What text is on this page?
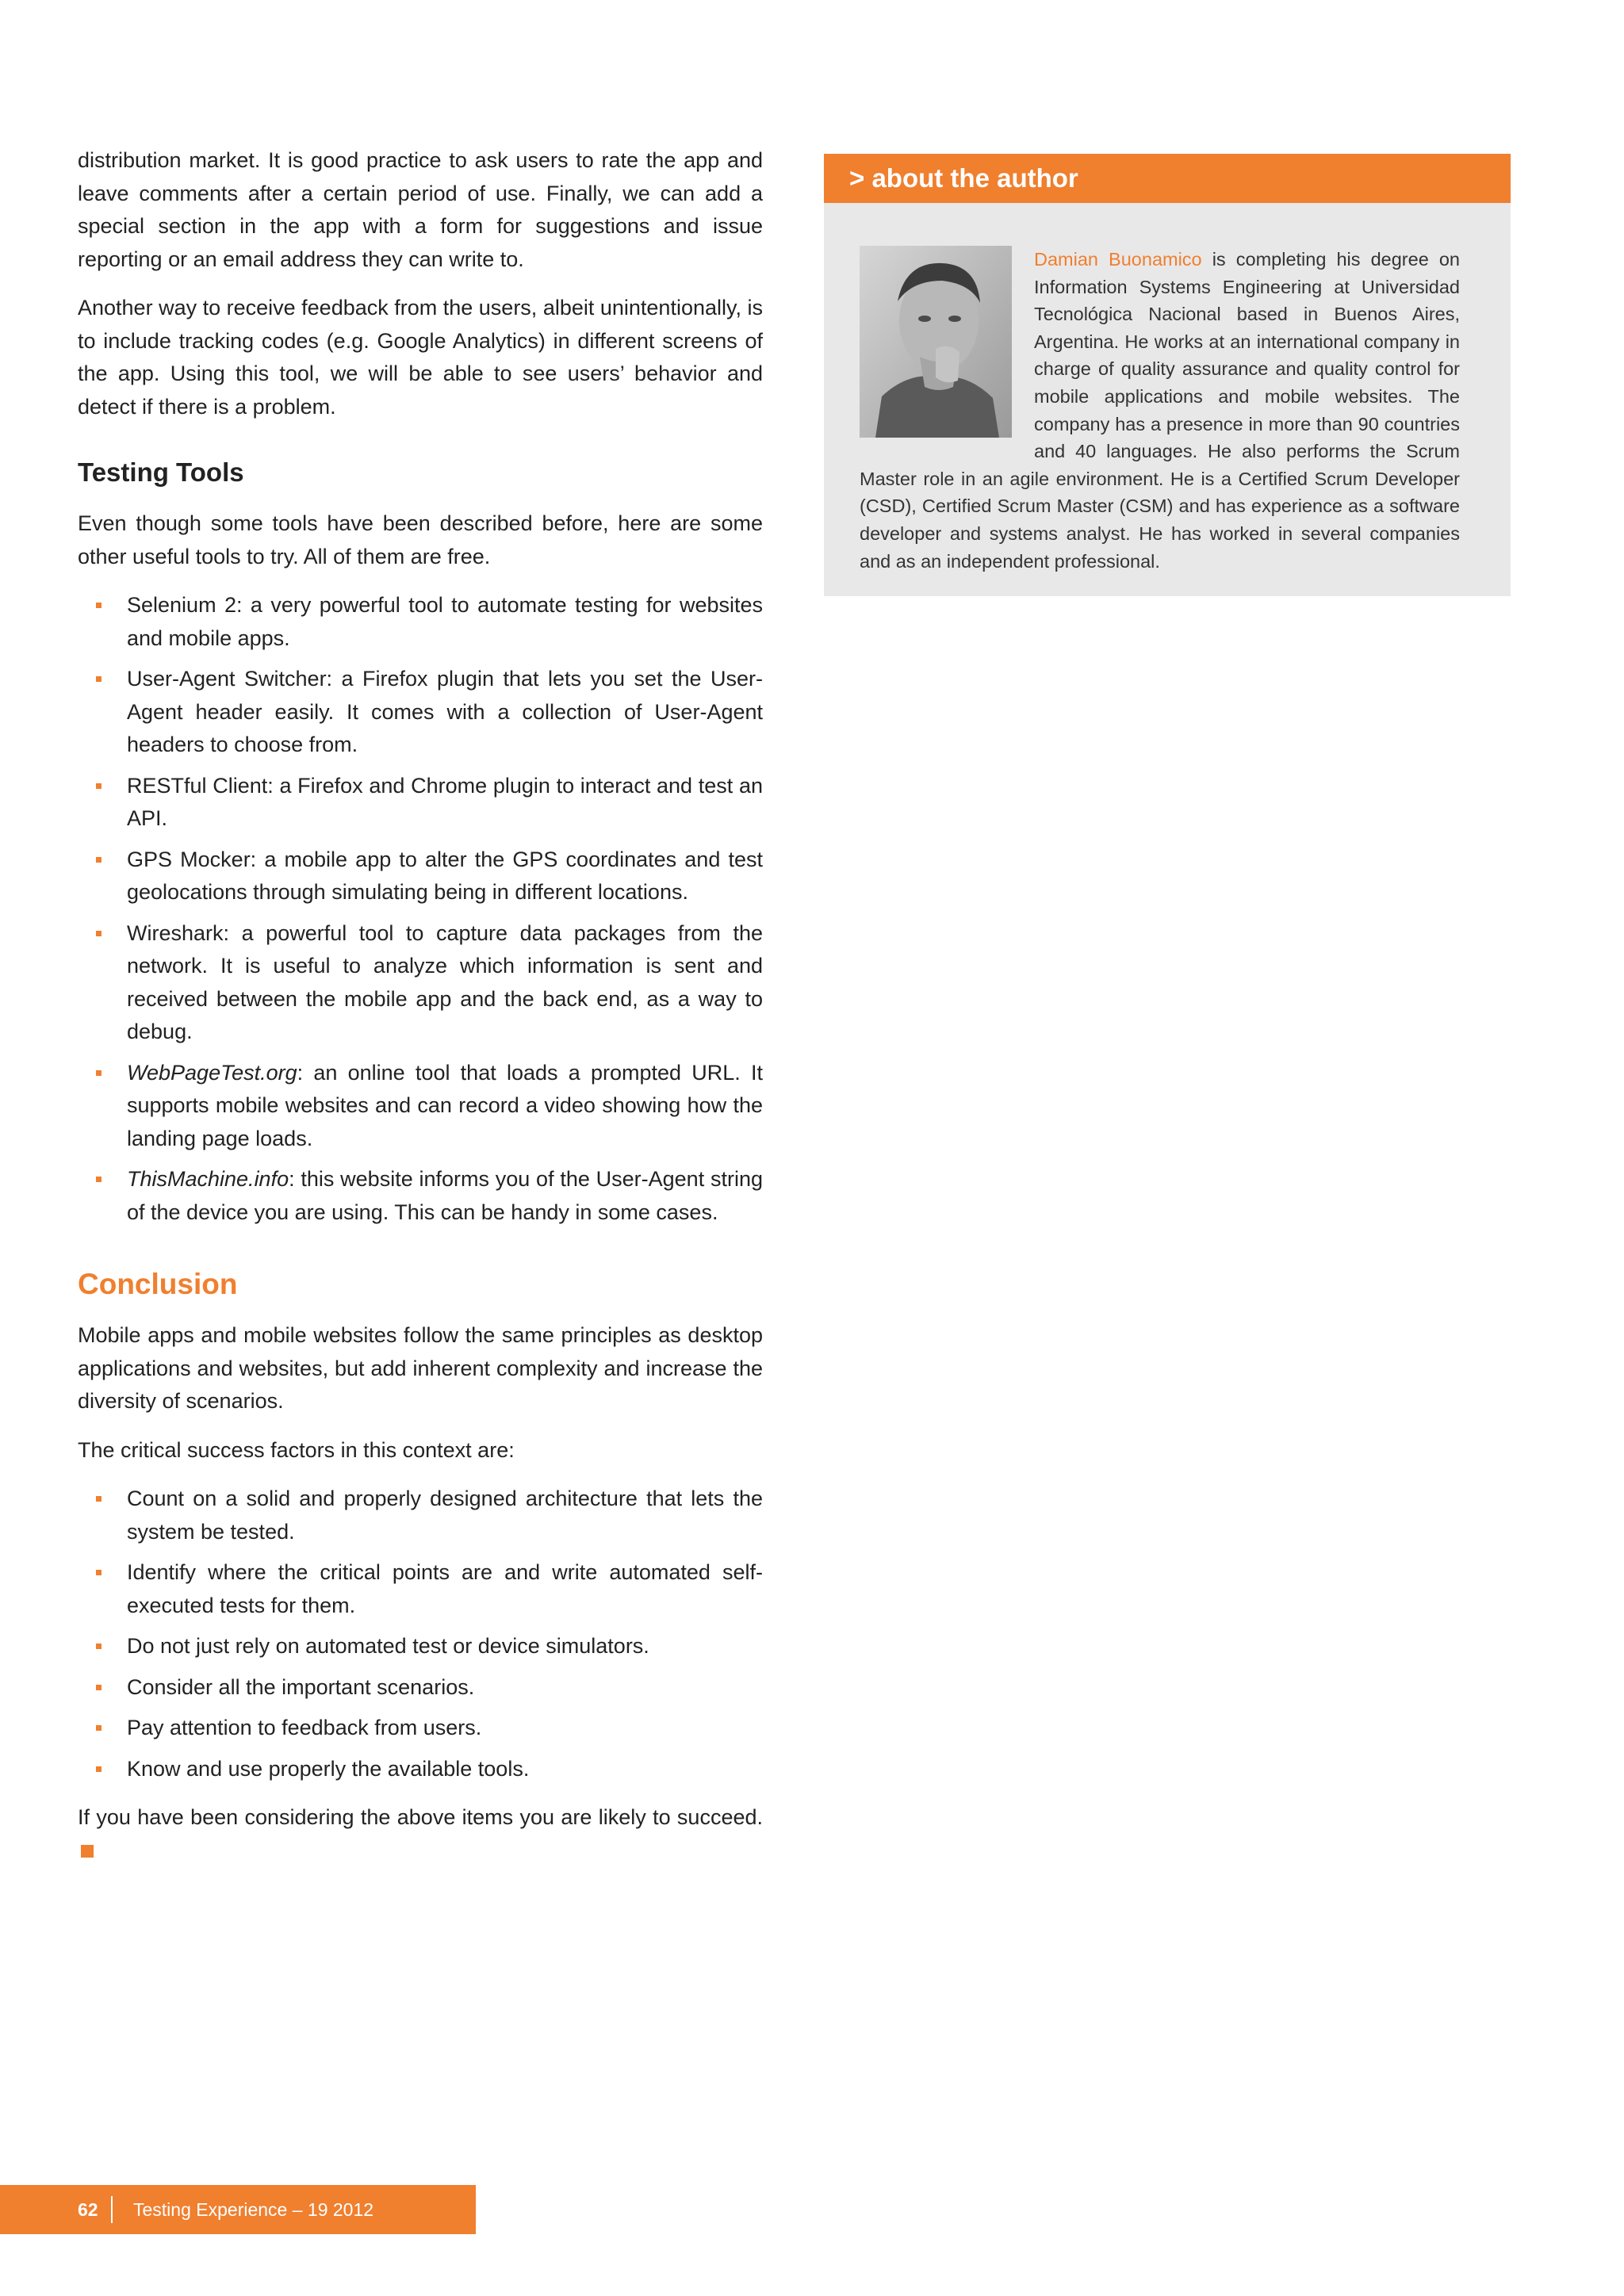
distribution market. It is good practice to ask users to rate the app and leave comments after a certain period of use. Finally, we can add a special section in the app with a form for suggestions and issue reporting or an email address they can write to.

Another way to receive feedback from the users, albeit unintentionally, is to include tracking codes (e.g. Google Analytics) in different screens of the app. Using this tool, we will be able to see users’ behavior and detect if there is a problem.

Testing Tools

Even though some tools have been described before, here are some other useful tools to try. All of them are free.

Selenium 2: a very powerful tool to automate testing for websites and mobile apps.
User-Agent Switcher: a Firefox plugin that lets you set the User-Agent header easily. It comes with a collection of User-Agent headers to choose from.
RESTful Client: a Firefox and Chrome plugin to interact and test an API.
GPS Mocker: a mobile app to alter the GPS coordinates and test geolocations through simulating being in different locations.
Wireshark: a powerful tool to capture data packages from the network. It is useful to analyze which information is sent and received between the mobile app and the back end, as a way to debug.
WebPageTest.org: an online tool that loads a prompted URL. It supports mobile websites and can record a video showing how the landing page loads.
ThisMachine.info: this website informs you of the User-Agent string of the device you are using. This can be handy in some cases.
Conclusion

Mobile apps and mobile websites follow the same principles as desktop applications and websites, but add inherent complexity and increase the diversity of scenarios.

The critical success factors in this context are:

Count on a solid and properly designed architecture that lets the system be tested.
Identify where the critical points are and write automated self-executed tests for them.
Do not just rely on automated test or device simulators.
Consider all the important scenarios.
Pay attention to feedback from users.
Know and use properly the available tools.

If you have been considering the above items you are likely to succeed.

> about the author
Damian Buonamico is completing his degree on Information Systems Engineering at Universidad Tecnológica Nacional based in Buenos Aires, Argentina. He works at an international company in charge of quality assurance and quality control for mobile applications and mobile websites. The company has a presence in more than 90 countries and 40 languages. He also performs the Scrum Master role in an agile environment. He is a Certified Scrum Developer (CSD), Certified Scrum Master (CSM) and has experience as a software developer and systems analyst. He has worked in several companies and as an independent professional.
62 Testing Experience – 19 2012
